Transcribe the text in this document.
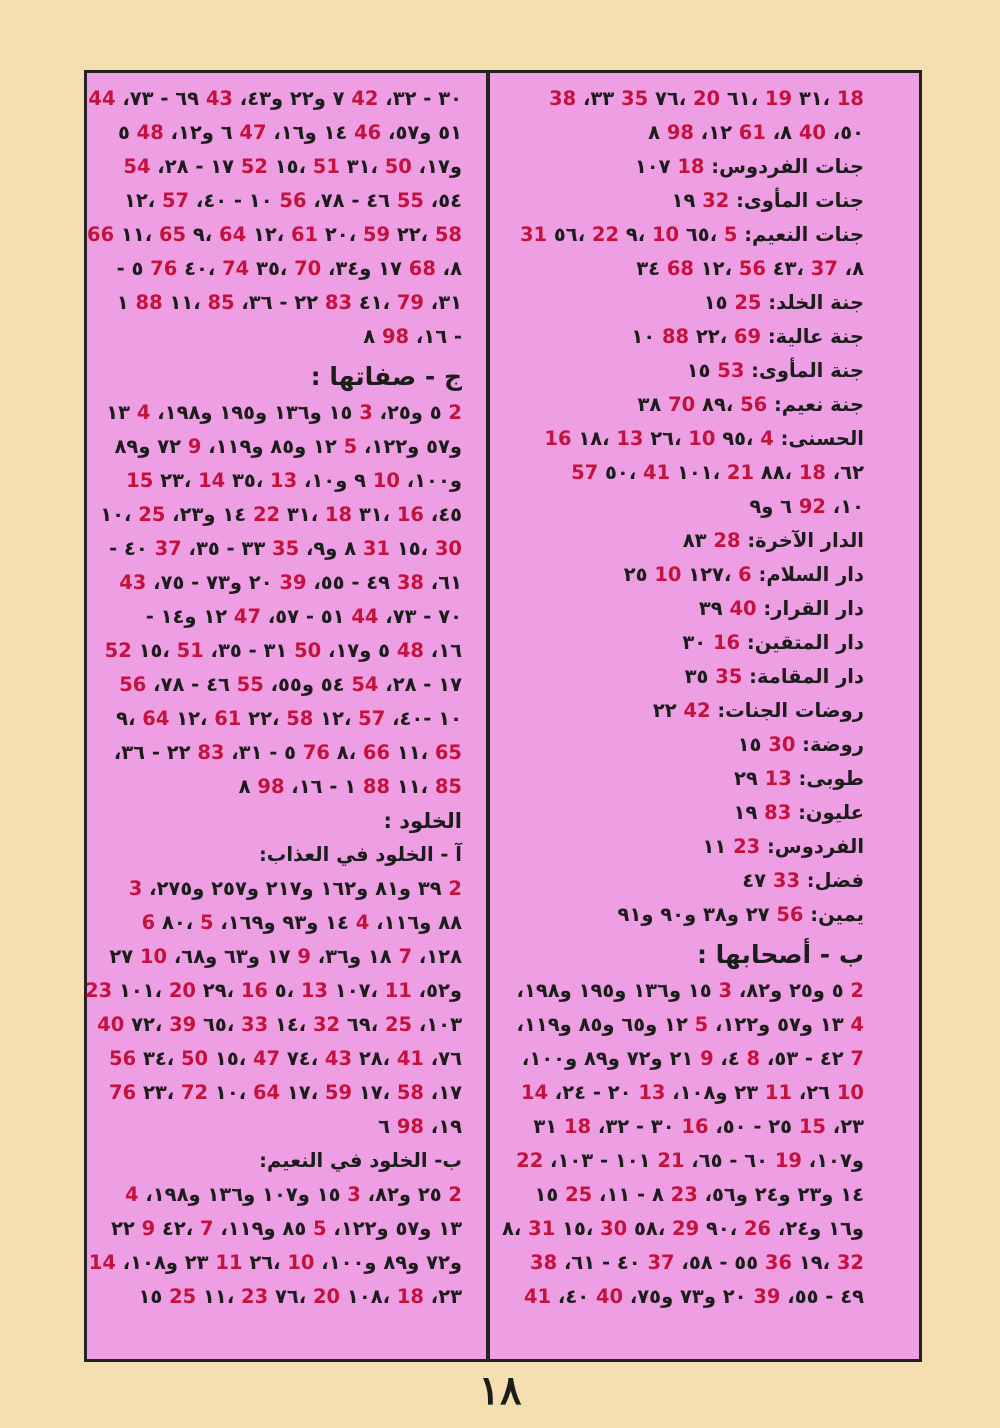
18 ،٣١ 19 ،٦١ 20 ،٧٦ 35 ٣٣، 38
٥٠، 40 ٨، 61 ١٢، 98 ٨
جنات الفردوس: 18 ١٠٧
جنات المأوى: 32 ١٩
جنات النعيم: 5 ،٦٥ 10 ،٩ 22 ،٥٦ 31
٨، 37 ،٤٣ 56 ،١٢ 68 ٣٤
جنة الخلد: 25 ١٥
جنة عالية: 69 ،٢٢ 88 ١٠
جنة المأوى: 53 ١٥
جنة نعيم: 56 ،٨٩ 70 ٣٨
الحسنى: 4 ،٩٥ 10 ،٢٦ 13 ،١٨ 16
٦٢، 18 ،٨٨ 21 ،١٠١ 41 ،٥٠ 57
١٠، 92 ٦ و٩
الدار الآخرة: 28 ٨٣
دار السلام: 6 ،١٢٧ 10 ٢٥
دار القرار: 40 ٣٩
دار المتقين: 16 ٣٠
دار المقامة: 35 ٣٥
روضات الجنات: 42 ٢٢
روضة: 30 ١٥
طوبى: 13 ٢٩
عليون: 83 ١٩
الفردوس: 23 ١١
فضل: 33 ٤٧
يمين: 56 ٢٧ و٣٨ و٩٠ و٩١
ب - أصحابها :
2 ٥ و٢٥ و٨٢، 3 ١٥ و١٣٦ و١٩٥ و١٩٨،
4 ١٣ و٥٧ و١٢٢، 5 ١٢ و٦٥ و٨٥ و١١٩،
7 ٤٢ - ٥٣، 8 ٤، 9 ٢١ و٧٢ و٨٩ و١٠٠،
10 ٢٦، 11 ٢٣ و١٠٨، 13 ٢٠ - ٢٤، 14
٢٣، 15 ٢٥ - ٥٠، 16 ٣٠ - ٣٢، 18 ٣١
و١٠٧، 19 ٦٠ - ٦٥، 21 ١٠١ - ١٠٣، 22
١٤ و٢٣ و٢٤ و٥٦، 23 ٨ - ١١، 25 ١٥
و١٦ و٢٤، 26 ،٩٠ 29 ،٥٨ 30 ،١٥ 31 ،٨
32 ،١٩ 36 ٥٥ - ٥٨، 37 ٤٠ - ٦١، 38
٤٩ - ٥٥، 39 ٢٠ و٧٣ و٧٥، 40 ٤٠، 41
٣٠ - ٣٢، 42 ٧ و٢٢ و٤٣، 43 ٦٩ - ٧٣، 44
٥١ و٥٧، 46 ١٤ و١٦، 47 ٦ و١٢، 48 ٥
و١٧، 50 ،٣١ 51 ،١٥ 52 ١٧ - ٢٨، 54
٥٤، 55 ٤٦ - ٧٨، 56 ١٠ - ٤٠، 57 ،١٢
58 ،٢٢ 59 ،٢٠ 61 ،١٢ 64 ،٩ 65 ،١١ 66
٨، 68 ١٧ و٣٤، 70 ،٣٥ 74 ،٤٠ 76 ٥ -
٣١، 79 ،٤١ 83 ٢٢ - ٣٦، 85 ،١١ 88 ١
- ١٦، 98 ٨
ج - صفاتها :
2 ٥ و٢٥، 3 ١٥ و١٣٦ و١٩٥ و١٩٨، 4 ١٣
و٥٧ و١٢٢، 5 ١٢ و٨٥ و١١٩، 9 ٧٢ و٨٩
و١٠٠، 10 ٩ و١٠، 13 ،٣٥ 14 ،٢٣ 15
٤٥، 16 ،٣١ 18 ،٣١ 22 ١٤ و٢٣، 25 ،١٠
30 ،١٥ 31 ٨ و٩، 35 ٣٣ - ٣٥، 37 ٤٠ -
٦١، 38 ٤٩ - ٥٥، 39 ٢٠ و٧٣ - ٧٥، 43
٧٠ - ٧٣، 44 ٥١ - ٥٧، 47 ١٢ و١٤ -
١٦، 48 ٥ و١٧، 50 ٣١ - ٣٥، 51 ،١٥ 52
١٧ - ٢٨، 54 ٥٤ و٥٥، 55 ٤٦ - ٧٨، 56
١٠ -٤٠، 57 ،١٢ 58 ،٢٢ 61 ،١٢ 64 ،٩
65 ،١١ 66 ،٨ 76 ٥ - ٣١، 83 ٢٢ - ٣٦،
85 ،١١ 88 ١ - ١٦، 98 ٨
الخلود :
آ - الخلود في العذاب:
2 ٣٩ و٨١ و١٦٢ و٢١٧ و٢٥٧ و٢٧٥، 3
٨٨ و١١٦، 4 ١٤ و٩٣ و١٦٩، 5 ،٨٠ 6
١٢٨، 7 ١٨ و٣٦، 9 ١٧ و٦٣ و٦٨، 10 ٢٧
و٥٢، 11 ،١٠٧ 13 ،٥ 16 ،٢٩ 20 ،١٠١ 23
١٠٣، 25 ،٦٩ 32 ،١٤ 33 ،٦٥ 39 ،٧٢ 40
٧٦، 41 ،٢٨ 43 ،٧٤ 47 ،١٥ 50 ،٣٤ 56
١٧، 58 ،١٧ 59 ،١٧ 64 ،١٠ 72 ،٢٣ 76
١٩، 98 ٦
ب- الخلود في النعيم:
2 ٢٥ و٨٢، 3 ١٥ و١٠٧ و١٣٦ و١٩٨، 4
١٣ و٥٧ و١٢٢، 5 ٨٥ و١١٩، 7 ،٤٢ 9 ٢٢
و٧٢ و٨٩ و١٠٠، 10 ،٢٦ 11 ٢٣ و١٠٨، 14
٢٣، 18 ،١٠٨ 20 ،٧٦ 23 ،١١ 25 ١٥
١٨
